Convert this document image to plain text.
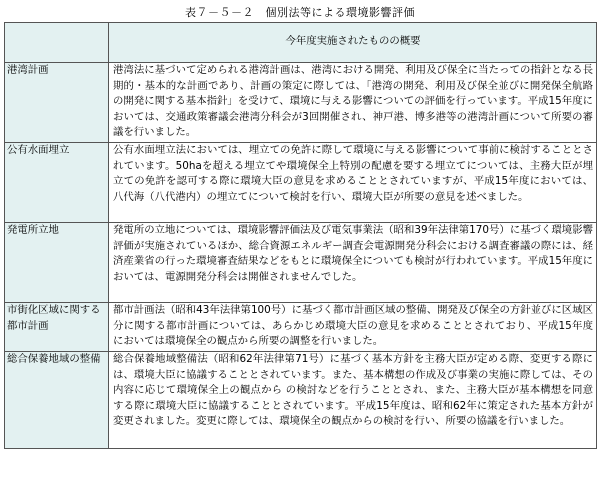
表７－５－２　個別法等による環境影響評価
	今年度実施されたものの概要
港湾計画	港湾法に基づいて定められる港湾計画は、港湾における開発、利用及び保全に当たっての指針となる長期的・基本的な計画であり、計画の策定に際しては、「港湾の開発、利用及び保全並びに開発保全航路の開発に関する基本指針」を受けて、環境に与える影響についての評価を行っています。平成15年度においては、交通政策審議会港湾分科会が3回開催され、神戸港、博多港等の港湾計画について所要の審議を行いました。
公有水面埋立	公有水面埋立法においては、埋立ての免許に際して環境に与える影響について事前に検討することとされています。50haを超える埋立てや環境保全上特別の配慮を要する埋立てについては、主務大臣が埋立ての免許を認可する際に環境大臣の意見を求めることとされていますが、平成15年度においては、八代海（八代港内）の埋立てについて検討を行い、環境大臣が所要の意見を述べました。
発電所立地	発電所の立地については、環境影響評価法及び電気事業法（昭和39年法律第170号）に基づく環境影響評価が実施されているほか、総合資源エネルギー調査会電源開発分科会における調査審議の際には、経済産業省の行った環境審査結果などをもとに環境保全についても検討が行われています。平成15年度においては、電源開発分科会は開催されませんでした。
市街化区域に関する都市計画	都市計画法（昭和43年法律第100号）に基づく都市計画区域の整備、開発及び保全の方針並びに区域区分に関する都市計画については、あらかじめ環境大臣の意見を求めることとされており、平成15年度においては環境保全の観点から所要の調整を行いました。
総合保養地域の整備	総合保養地域整備法（昭和62年法律第71号）に基づく基本方針を主務大臣が定める際、変更する際には、環境大臣に協議することとされています。また、基本構想の作成及び事業の実施に際しては、その内容に応じて環境保全上の観点から の検討などを行うこととされ、また、主務大臣が基本構想を同意する際に環境大臣に協議することとされています。平成15年度は、昭和62年に策定された基本方針が変更されました。変更に際しては、環境保全の観点からの検討を行い、所要の協議を行いました。
